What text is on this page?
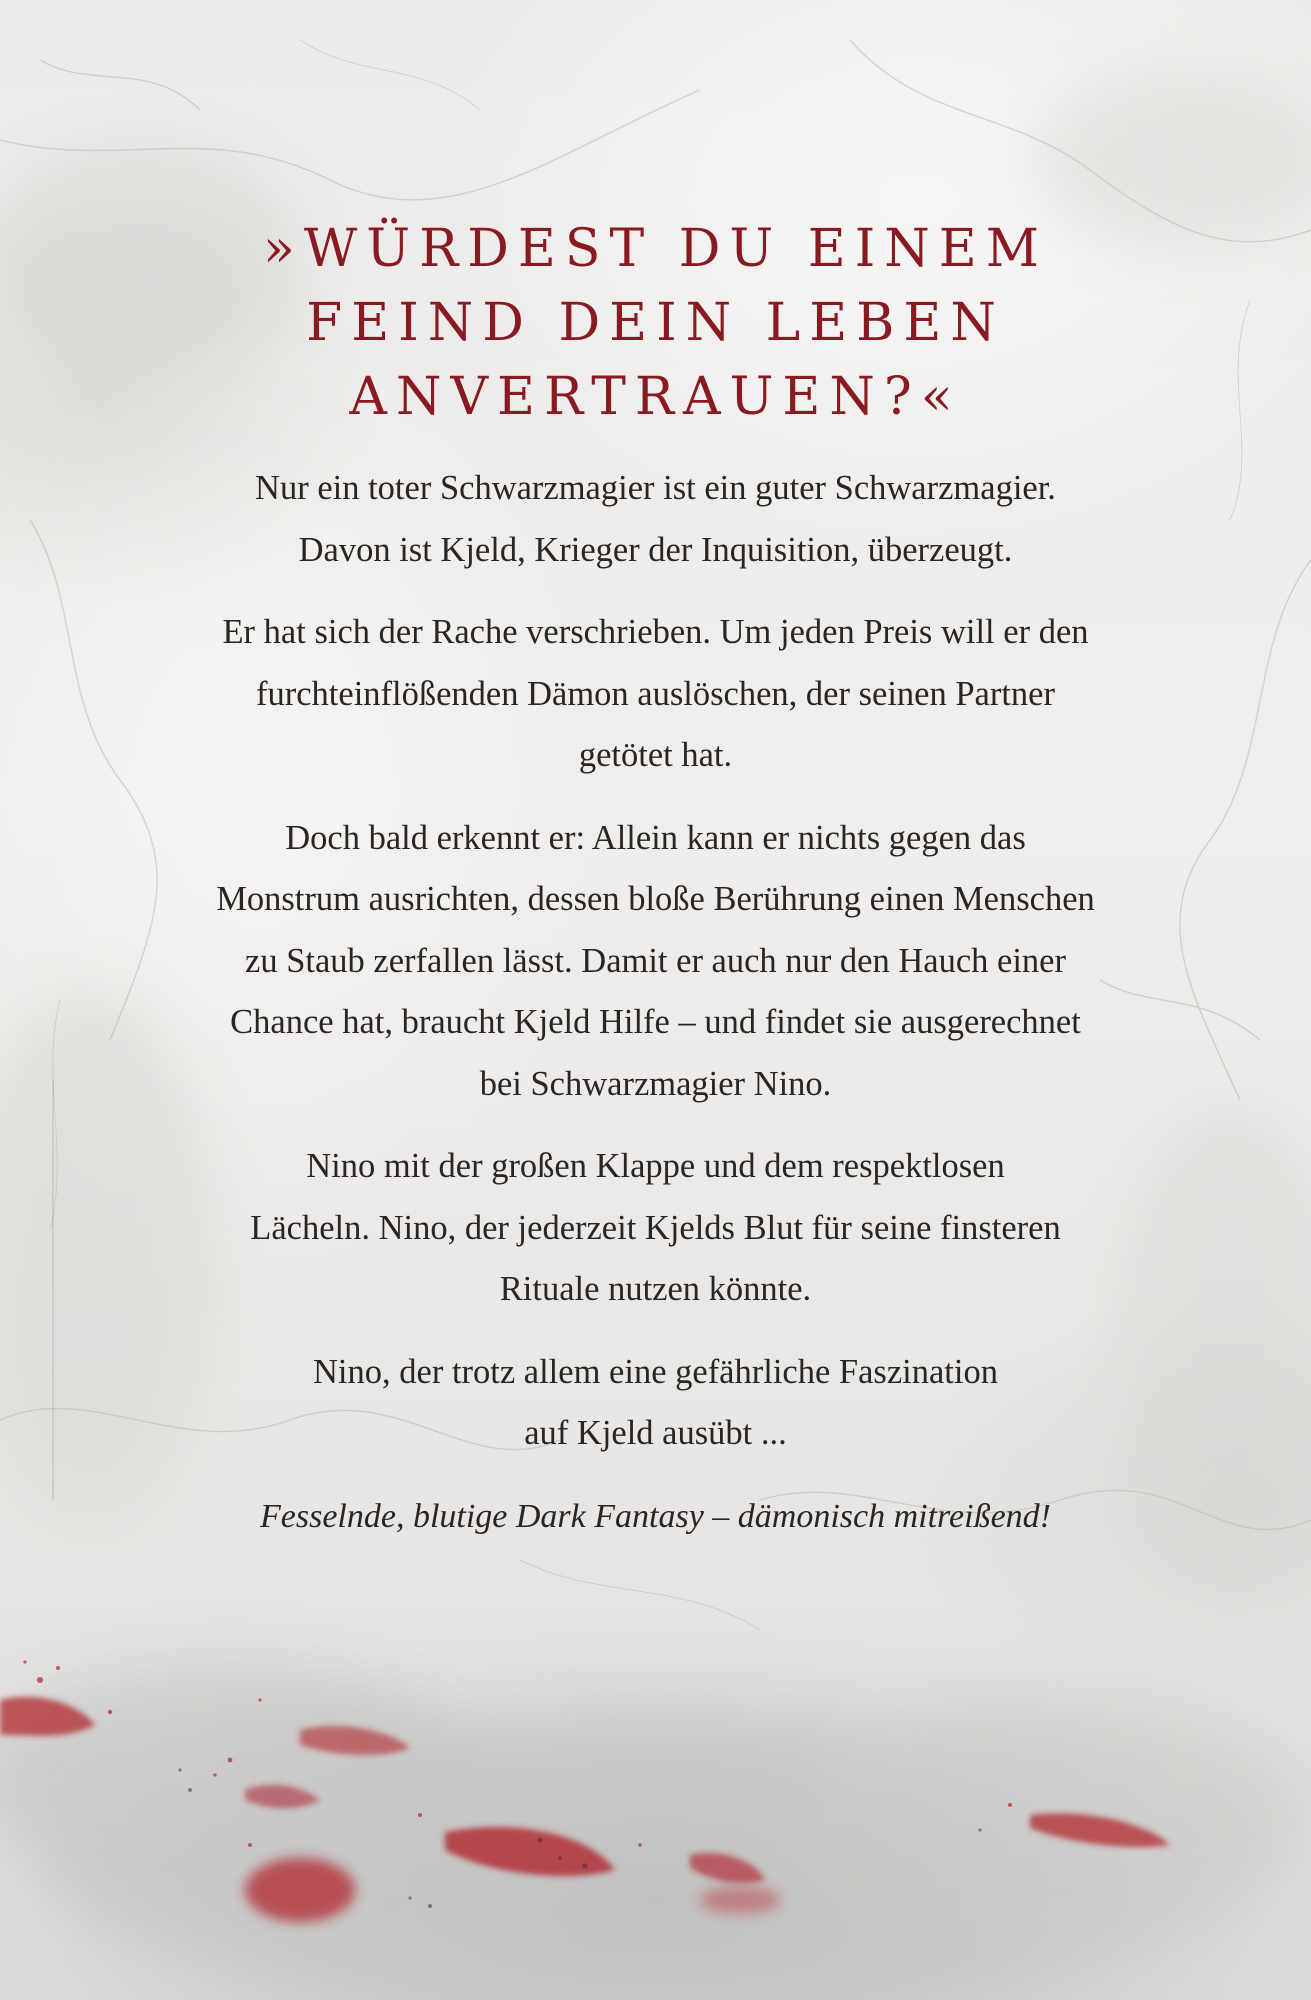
»WÜRDEST DU EINEM
FEIND DEIN LEBEN
ANVERTRAUEN?«

Nur ein toter Schwarzmagier ist ein guter Schwarzmagier.
Davon ist Kjeld, Krieger der Inquisition, überzeugt.

Er hat sich der Rache verschrieben. Um jeden Preis will er den
furchteinflößenden Dämon auslöschen, der seinen Partner
getötet hat.

Doch bald erkennt er: Allein kann er nichts gegen das
Monstrum ausrichten, dessen bloße Berührung einen Menschen
zu Staub zerfallen lässt. Damit er auch nur den Hauch einer
Chance hat, braucht Kjeld Hilfe – und findet sie ausgerechnet
bei Schwarzmagier Nino.

Nino mit der großen Klappe und dem respektlosen
Lächeln. Nino, der jederzeit Kjelds Blut für seine finsteren
Rituale nutzen könnte.

Nino, der trotz allem eine gefährliche Faszination
auf Kjeld ausübt ...

Fesselnde, blutige Dark Fantasy – dämonisch mitreißend!
